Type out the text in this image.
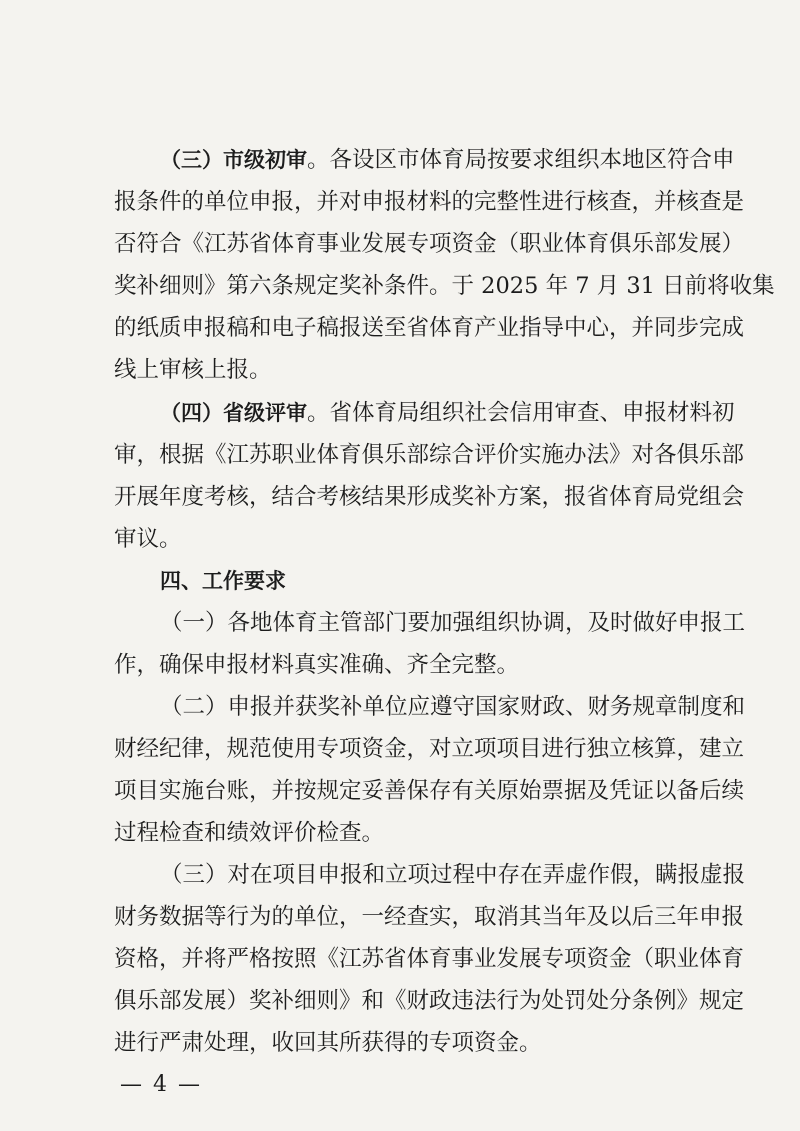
（三）市级初审。各设区市体育局按要求组织本地区符合申
报条件的单位申报，并对申报材料的完整性进行核查，并核查是
否符合《江苏省体育事业发展专项资金（职业体育俱乐部发展）
奖补细则》第六条规定奖补条件。于 2025 年 7 月 31 日前将收集
的纸质申报稿和电子稿报送至省体育产业指导中心，并同步完成
线上审核上报。
（四）省级评审。省体育局组织社会信用审查、申报材料初
审，根据《江苏职业体育俱乐部综合评价实施办法》对各俱乐部
开展年度考核，结合考核结果形成奖补方案，报省体育局党组会
审议。
四、工作要求
（一）各地体育主管部门要加强组织协调，及时做好申报工
作，确保申报材料真实准确、齐全完整。
（二）申报并获奖补单位应遵守国家财政、财务规章制度和
财经纪律，规范使用专项资金，对立项项目进行独立核算，建立
项目实施台账，并按规定妥善保存有关原始票据及凭证以备后续
过程检查和绩效评价检查。
（三）对在项目申报和立项过程中存在弄虚作假，瞒报虚报
财务数据等行为的单位，一经查实，取消其当年及以后三年申报
资格，并将严格按照《江苏省体育事业发展专项资金（职业体育
俱乐部发展）奖补细则》和《财政违法行为处罚处分条例》规定
进行严肃处理，收回其所获得的专项资金。
— 4 —
